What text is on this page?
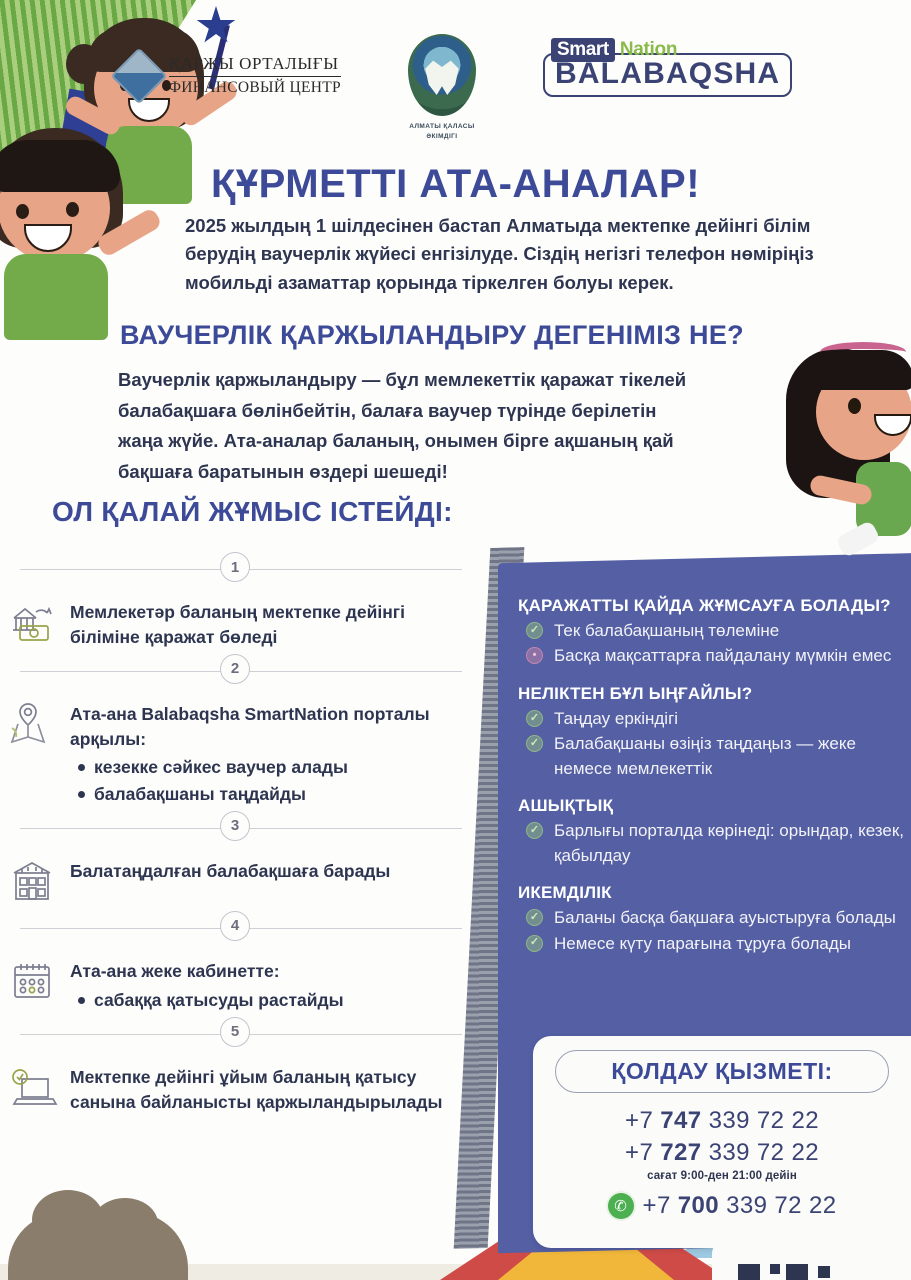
ҚАРЖЫ ОРТАЛЫҒЫ
ФИНАНСОВЫЙ ЦЕНТР
АЛМАТЫ ҚАЛАСЫ
ӘКІМДІГІ
Smart Nation
BALABAQSHA
ҚҰРМЕТТІ АТА-АНАЛАР!
2025 жылдың 1 шілдесінен бастап Алматыда мектепке дейінгі білім берудің ваучерлік жүйесі енгізілуде. Сіздің негізгі телефон нөміріңіз мобильді азаматтар қорында тіркелген болуы керек.
ВАУЧЕРЛІК ҚАРЖЫЛАНДЫРУ ДЕГЕНІМІЗ НЕ?
Ваучерлік қаржыландыру — бұл мемлекеттік қаражат тікелей балабақшаға бөлінбейтін, балаға ваучер түрінде берілетін жаңа жүйе. Ата-аналар баланың, онымен бірге ақшаның қай бақшаға баратынын өздері шешеді!
ОЛ ҚАЛАЙ ЖҰМЫС ІСТЕЙДІ:
1
Мемлекетәр баланың мектепке дейінгі біліміне қаражат бөледі
2
Ата-ана Balabaqsha SmartNation порталы арқылы:
кезекке сәйкес ваучер алады
балабақшаны таңдайды
3
Балатаңдалған балабақшаға барады
4
Ата-ана жеке кабинетте:
сабаққа қатысуды растайды
5
Мектепке дейінгі ұйым баланың қатысу санына байланысты қаржыландырылады
ҚАРАЖАТТЫ ҚАЙДА ЖҰМСАУҒА БОЛАДЫ?
✓ Тек балабақшаның төлеміне
•	Басқа мақсаттарға пайдалану мүмкін емес
НЕЛІКТЕН БҰЛ ЫҢҒАЙЛЫ?
✓ Таңдау еркіндігі
✓ Балабақшаны өзіңіз таңдаңыз — жеке немесе мемлекеттік
АШЫҚТЫҚ
✓ Барлығы порталда көрінеді: орындар, кезек, қабылдау
ИКЕМДІЛІК
✓ Баланы басқа бақшаға ауыстыруға болады
✓ Немесе күту парағына тұруға болады
ҚОЛДАУ ҚЫЗМЕТІ:
+7 747 339 72 22
+7 727 339 72 22
сағат 9:00-ден 21:00 дейін
✆ +7 700 339 72 22
